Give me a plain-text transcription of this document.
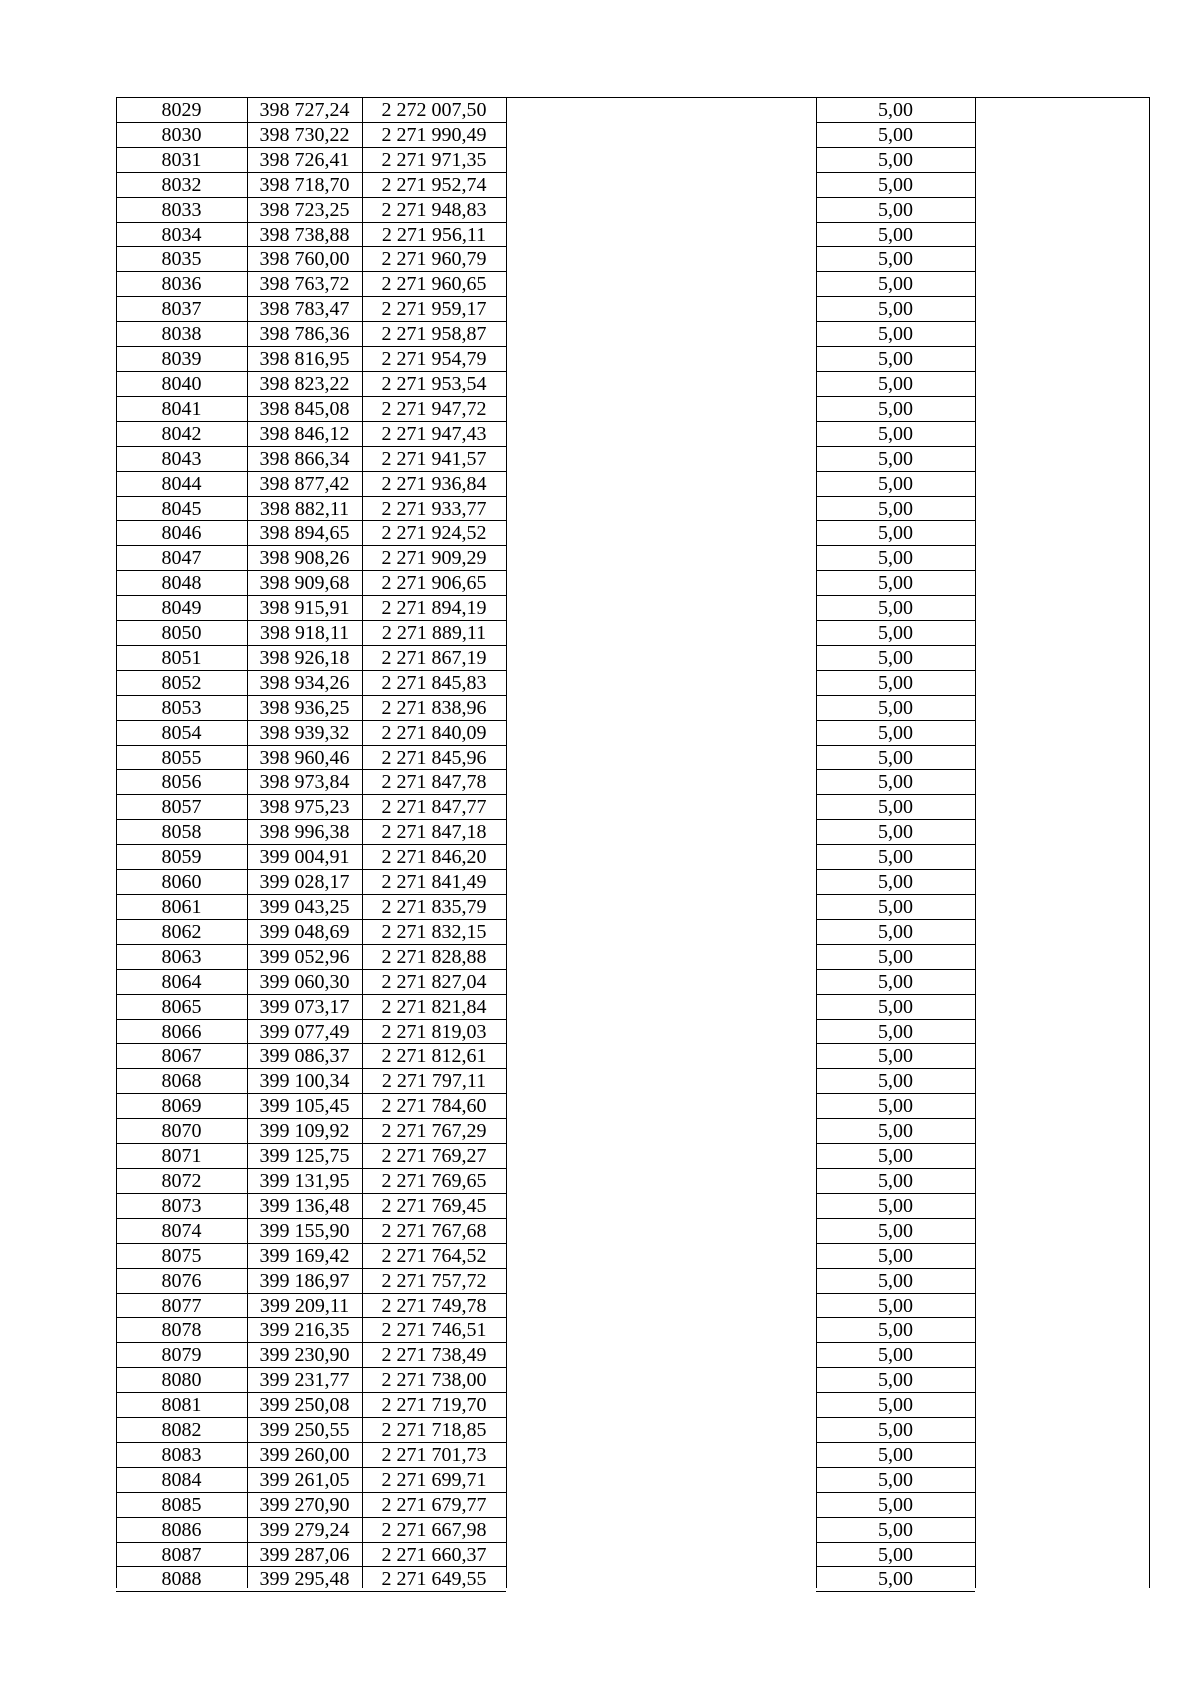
8029	398 727,24	2 272 007,50	5,00
8030	398 730,22	2 271 990,49	5,00
8031	398 726,41	2 271 971,35	5,00
8032	398 718,70	2 271 952,74	5,00
8033	398 723,25	2 271 948,83	5,00
8034	398 738,88	2 271 956,11	5,00
8035	398 760,00	2 271 960,79	5,00
8036	398 763,72	2 271 960,65	5,00
8037	398 783,47	2 271 959,17	5,00
8038	398 786,36	2 271 958,87	5,00
8039	398 816,95	2 271 954,79	5,00
8040	398 823,22	2 271 953,54	5,00
8041	398 845,08	2 271 947,72	5,00
8042	398 846,12	2 271 947,43	5,00
8043	398 866,34	2 271 941,57	5,00
8044	398 877,42	2 271 936,84	5,00
8045	398 882,11	2 271 933,77	5,00
8046	398 894,65	2 271 924,52	5,00
8047	398 908,26	2 271 909,29	5,00
8048	398 909,68	2 271 906,65	5,00
8049	398 915,91	2 271 894,19	5,00
8050	398 918,11	2 271 889,11	5,00
8051	398 926,18	2 271 867,19	5,00
8052	398 934,26	2 271 845,83	5,00
8053	398 936,25	2 271 838,96	5,00
8054	398 939,32	2 271 840,09	5,00
8055	398 960,46	2 271 845,96	5,00
8056	398 973,84	2 271 847,78	5,00
8057	398 975,23	2 271 847,77	5,00
8058	398 996,38	2 271 847,18	5,00
8059	399 004,91	2 271 846,20	5,00
8060	399 028,17	2 271 841,49	5,00
8061	399 043,25	2 271 835,79	5,00
8062	399 048,69	2 271 832,15	5,00
8063	399 052,96	2 271 828,88	5,00
8064	399 060,30	2 271 827,04	5,00
8065	399 073,17	2 271 821,84	5,00
8066	399 077,49	2 271 819,03	5,00
8067	399 086,37	2 271 812,61	5,00
8068	399 100,34	2 271 797,11	5,00
8069	399 105,45	2 271 784,60	5,00
8070	399 109,92	2 271 767,29	5,00
8071	399 125,75	2 271 769,27	5,00
8072	399 131,95	2 271 769,65	5,00
8073	399 136,48	2 271 769,45	5,00
8074	399 155,90	2 271 767,68	5,00
8075	399 169,42	2 271 764,52	5,00
8076	399 186,97	2 271 757,72	5,00
8077	399 209,11	2 271 749,78	5,00
8078	399 216,35	2 271 746,51	5,00
8079	399 230,90	2 271 738,49	5,00
8080	399 231,77	2 271 738,00	5,00
8081	399 250,08	2 271 719,70	5,00
8082	399 250,55	2 271 718,85	5,00
8083	399 260,00	2 271 701,73	5,00
8084	399 261,05	2 271 699,71	5,00
8085	399 270,90	2 271 679,77	5,00
8086	399 279,24	2 271 667,98	5,00
8087	399 287,06	2 271 660,37	5,00
8088	399 295,48	2 271 649,55	5,00
